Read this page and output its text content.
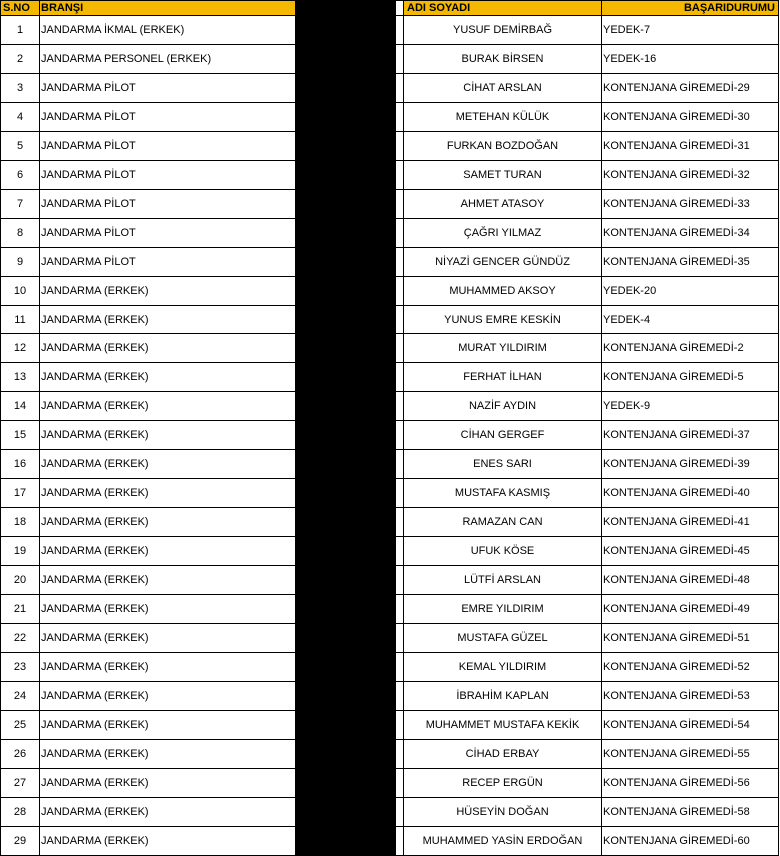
S.NO	BRANŞI	ADI SOYADI	BAŞARIDURUMU
1	JANDARMA İKMAL (ERKEK)	YUSUF DEMİRBAĞ	YEDEK-7
2	JANDARMA PERSONEL (ERKEK)	BURAK BİRSEN	YEDEK-16
3	JANDARMA PİLOT	CİHAT ARSLAN	KONTENJANA GİREMEDİ-29
4	JANDARMA PİLOT	METEHAN KÜLÜK	KONTENJANA GİREMEDİ-30
5	JANDARMA PİLOT	FURKAN BOZDOĞAN	KONTENJANA GİREMEDİ-31
6	JANDARMA PİLOT	SAMET TURAN	KONTENJANA GİREMEDİ-32
7	JANDARMA PİLOT	AHMET ATASOY	KONTENJANA GİREMEDİ-33
8	JANDARMA PİLOT	ÇAĞRI YILMAZ	KONTENJANA GİREMEDİ-34
9	JANDARMA PİLOT	NİYAZİ GENCER GÜNDÜZ	KONTENJANA GİREMEDİ-35
10	JANDARMA (ERKEK)	MUHAMMED AKSOY	YEDEK-20
11	JANDARMA (ERKEK)	YUNUS EMRE KESKİN	YEDEK-4
12	JANDARMA (ERKEK)	MURAT YILDIRIM	KONTENJANA GİREMEDİ-2
13	JANDARMA (ERKEK)	FERHAT İLHAN	KONTENJANA GİREMEDİ-5
14	JANDARMA (ERKEK)	NAZİF AYDIN	YEDEK-9
15	JANDARMA (ERKEK)	CİHAN GERGEF	KONTENJANA GİREMEDİ-37
16	JANDARMA (ERKEK)	ENES SARI	KONTENJANA GİREMEDİ-39
17	JANDARMA (ERKEK)	MUSTAFA KASMIŞ	KONTENJANA GİREMEDİ-40
18	JANDARMA (ERKEK)	RAMAZAN CAN	KONTENJANA GİREMEDİ-41
19	JANDARMA (ERKEK)	UFUK KÖSE	KONTENJANA GİREMEDİ-45
20	JANDARMA (ERKEK)	LÜTFİ ARSLAN	KONTENJANA GİREMEDİ-48
21	JANDARMA (ERKEK)	EMRE YILDIRIM	KONTENJANA GİREMEDİ-49
22	JANDARMA (ERKEK)	MUSTAFA GÜZEL	KONTENJANA GİREMEDİ-51
23	JANDARMA (ERKEK)	KEMAL YILDIRIM	KONTENJANA GİREMEDİ-52
24	JANDARMA (ERKEK)	İBRAHİM KAPLAN	KONTENJANA GİREMEDİ-53
25	JANDARMA (ERKEK)	MUHAMMET MUSTAFA KEKİK	KONTENJANA GİREMEDİ-54
26	JANDARMA (ERKEK)	CİHAD ERBAY	KONTENJANA GİREMEDİ-55
27	JANDARMA (ERKEK)	RECEP ERGÜN	KONTENJANA GİREMEDİ-56
28	JANDARMA (ERKEK)	HÜSEYİN DOĞAN	KONTENJANA GİREMEDİ-58
29	JANDARMA (ERKEK)	MUHAMMED YASİN ERDOĞAN	KONTENJANA GİREMEDİ-60
